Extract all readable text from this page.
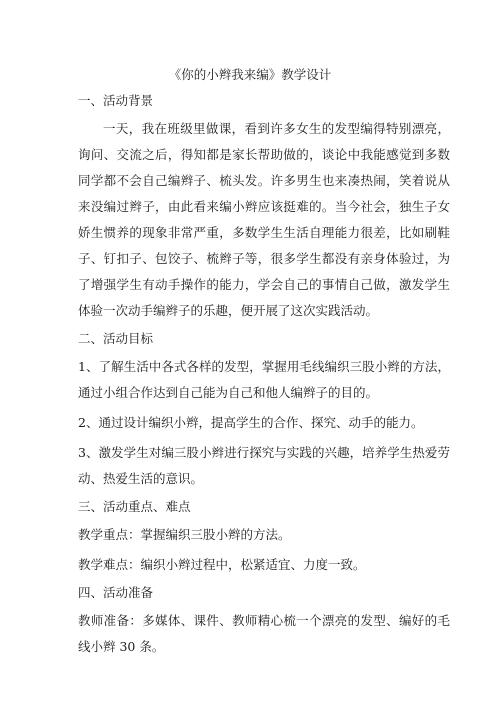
《你的小辫我来编》教学设计
一、活动背景

一天，我在班级里做课，看到许多女生的发型编得特别漂亮，询问、交流之后，得知都是家长帮助做的，谈论中我能感觉到多数同学都不会自己编辫子、梳头发。许多男生也来凑热闹，笑着说从来没编过辫子，由此看来编小辫应该挺难的。当今社会，独生子女娇生惯养的现象非常严重，多数学生生活自理能力很差，比如刷鞋子、钉扣子、包饺子、梳辫子等，很多学生都没有亲身体验过，为了增强学生有动手操作的能力，学会自己的事情自己做，激发学生体验一次动手编辫子的乐趣，便开展了这次实践活动。

二、活动目标

1、了解生活中各式各样的发型，掌握用毛线编织三股小辫的方法，通过小组合作达到自己能为自己和他人编辫子的目的。

2、通过设计编织小辫，提高学生的合作、探究、动手的能力。

3、激发学生对编三股小辫进行探究与实践的兴趣，培养学生热爱劳动、热爱生活的意识。

三、活动重点、难点

教学重点：掌握编织三股小辫的方法。

教学难点：编织小辫过程中，松紧适宜、力度一致。

四、活动准备

教师准备：多媒体、课件、教师精心梳一个漂亮的发型、编好的毛线小辫 30 条。
